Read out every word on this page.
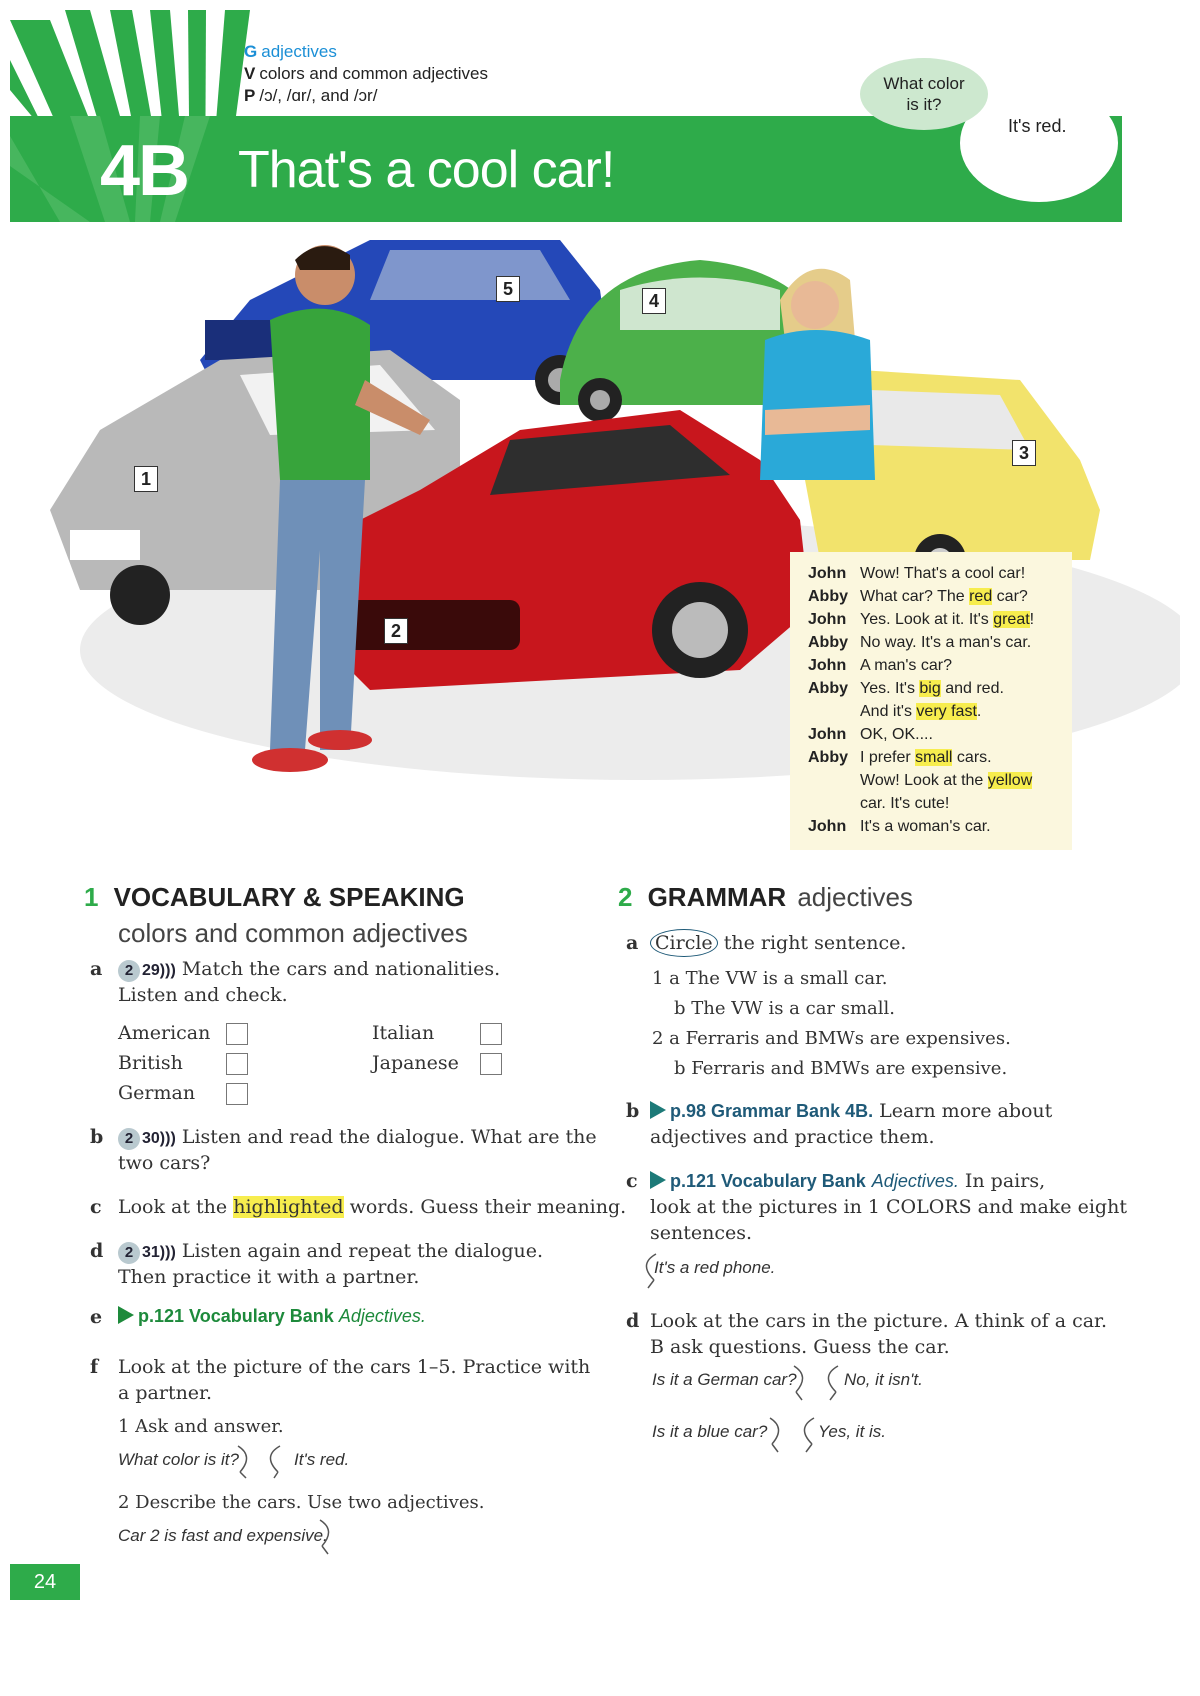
4B That's a cool car!
G adjectives
V colors and common adjectives
P /ɔ/, /ɑr/, and /ɔr/
It's red.
What color is it?
1
2
3
4
5
John Wow! That's a cool car!
Abby What car? The red car?
John Yes. Look at it. It's great!
Abby No way. It's a man's car.
John A man's car?
Abby Yes. It's big and red.
And it's very fast.
John OK, OK....
Abby I prefer small cars.
Wow! Look at the yellow
car. It's cute!
John It's a woman's car.
1 VOCABULARY & SPEAKING
colors and common adjectives
a	2 29))) Match the cars and nationalities.
Listen and check.
American
British
German
Italian
Japanese
b	2 30))) Listen and read the dialogue. What are the
two cars?
c Look at the highlighted words. Guess their meaning.
d	2 31))) Listen again and repeat the dialogue.
Then practice it with a partner.
e	p.121 Vocabulary Bank Adjectives.
f Look at the picture of the cars 1–5. Practice with
a partner.
1 Ask and answer.
What color is it?	It's red.
2 Describe the cars. Use two adjectives.
Car 2 is fast and expensive.
2 GRAMMAR adjectives
a Circle the right sentence.
1 a The VW is a small car.
b The VW is a car small.
2 a Ferraris and BMWs are expensives.
b Ferraris and BMWs are expensive.
b	p.98 Grammar Bank 4B. Learn more about
adjectives and practice them.
c	p.121 Vocabulary Bank Adjectives. In pairs,
look at the pictures in 1 COLORS and make eight
sentences.
It's a red phone.
d Look at the cars in the picture. A think of a car.
B ask questions. Guess the car.
Is it a German car?	No, it isn't.
Is it a blue car?	Yes, it is.
24
